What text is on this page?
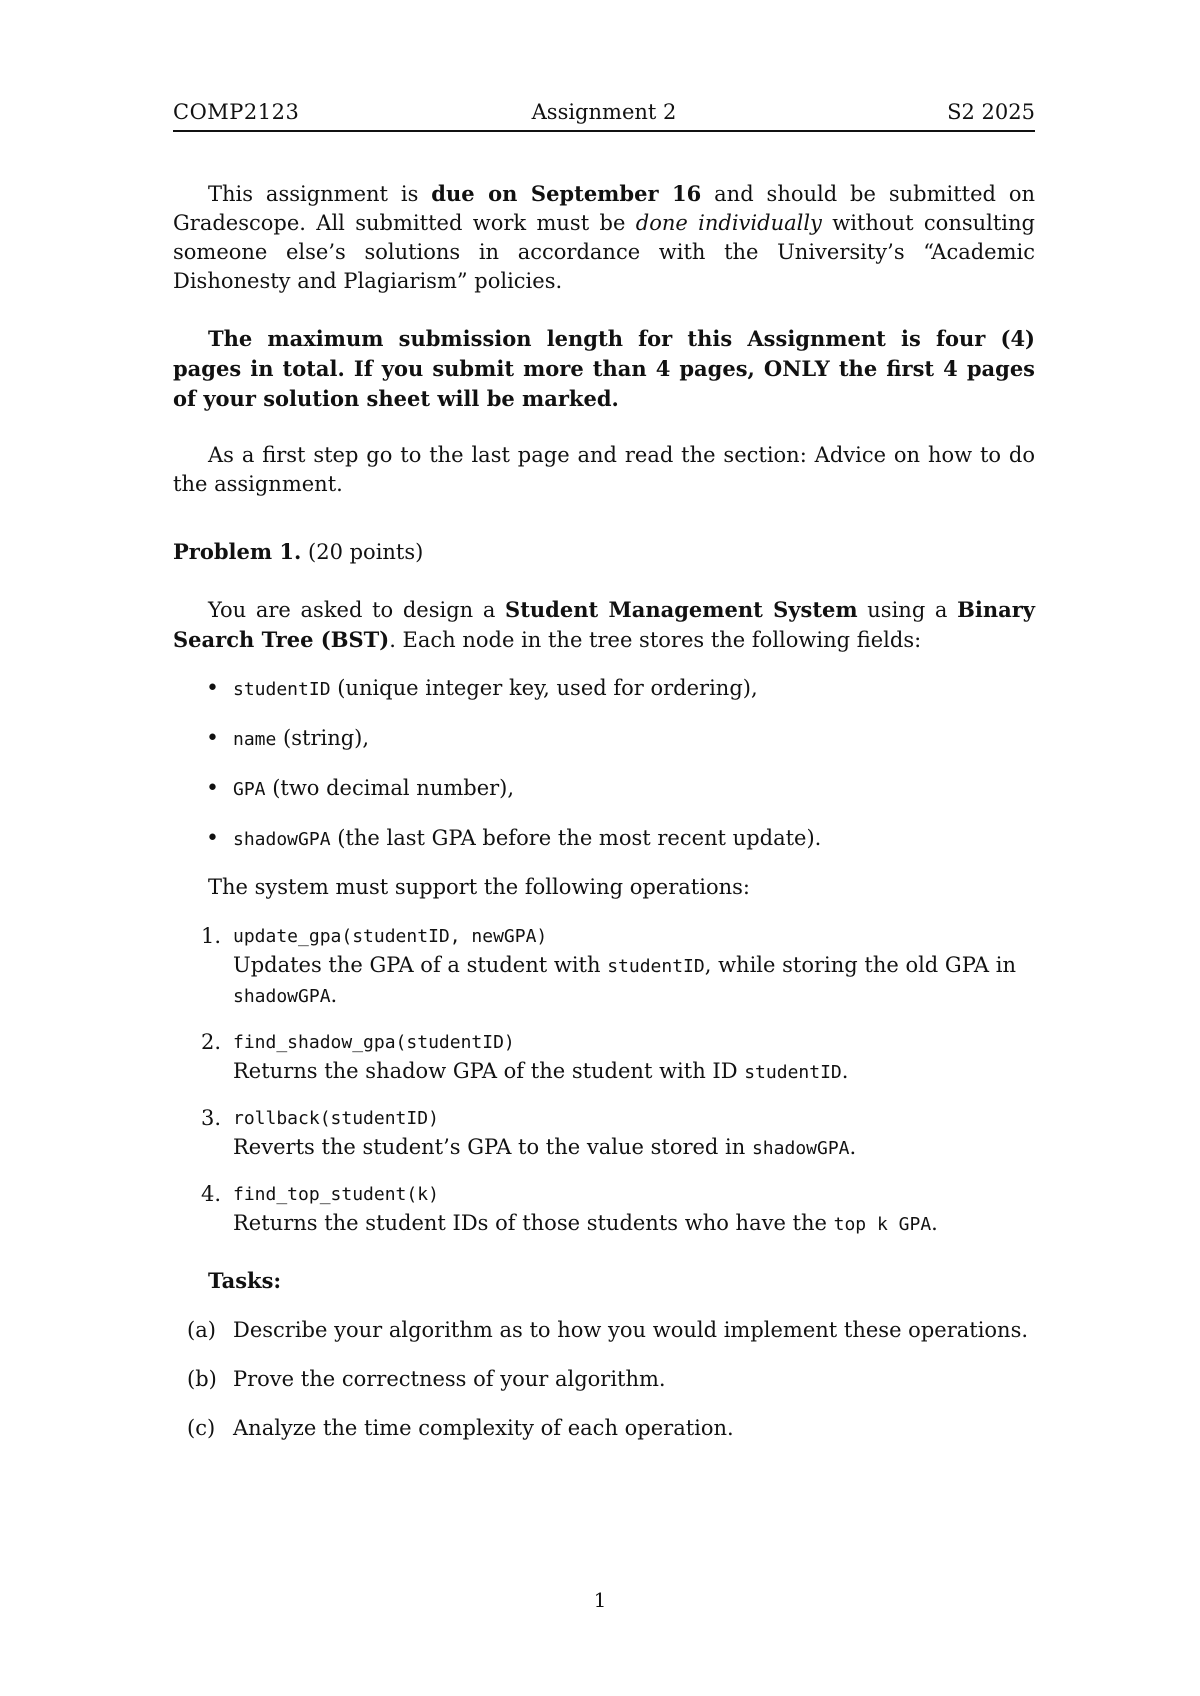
COMP2123	Assignment 2	S2 2025

This assignment is due on September 16 and should be submitted on Gradescope. All submitted work must be done individually without consulting someone else’s solutions in accordance with the University’s “Academic Dishonesty and Plagiarism” policies.

The maximum submission length for this Assignment is four (4) pages in total. If you submit more than 4 pages, ONLY the first 4 pages of your solution sheet will be marked.

As a first step go to the last page and read the section: Advice on how to do the assignment.

Problem 1. (20 points)

You are asked to design a Student Management System using a Binary Search Tree (BST). Each node in the tree stores the following fields:

• studentID (unique integer key, used for ordering),
• name (string),
• GPA (two decimal number),
• shadowGPA (the last GPA before the most recent update).

The system must support the following operations:

1. update_gpa(studentID, newGPA)
Updates the GPA of a student with studentID, while storing the old GPA in shadowGPA.
2. find_shadow_gpa(studentID)
Returns the shadow GPA of the student with ID studentID.
3. rollback(studentID)
Reverts the student’s GPA to the value stored in shadowGPA.
4. find_top_student(k)
Returns the student IDs of those students who have the top k GPA.

Tasks:

(a) Describe your algorithm as to how you would implement these operations.
(b) Prove the correctness of your algorithm.
(c) Analyze the time complexity of each operation.
1
